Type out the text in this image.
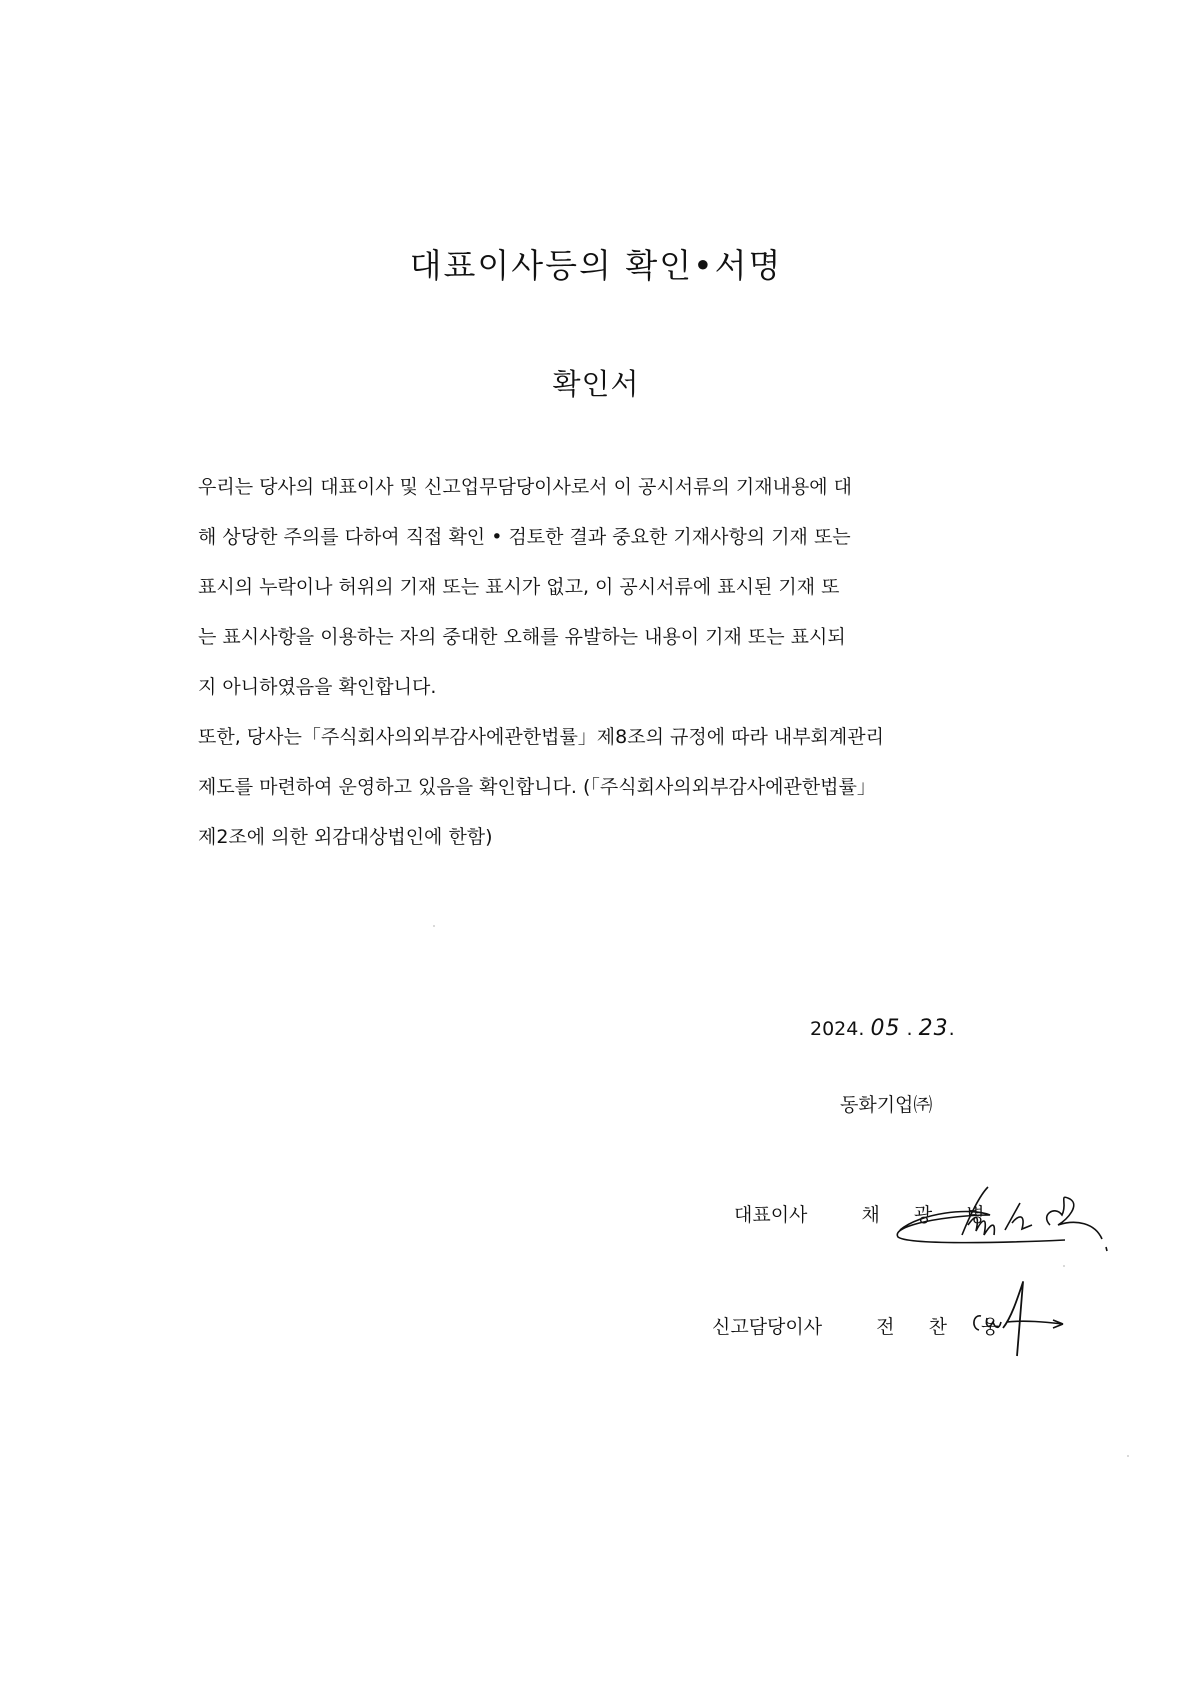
대표이사등의 확인•서명
확인서
우리는 당사의 대표이사 및 신고업무담당이사로서 이 공시서류의 기재내용에 대
해 상당한 주의를 다하여 직접 확인 • 검토한 결과 중요한 기재사항의 기재 또는
표시의 누락이나 허위의 기재 또는 표시가 없고, 이 공시서류에 표시된 기재 또
는 표시사항을 이용하는 자의 중대한 오해를 유발하는 내용이 기재 또는 표시되
지 아니하였음을 확인합니다.
또한, 당사는「주식회사의외부감사에관한법률」제8조의 규정에 따라 내부회계관리
제도를 마련하여 운영하고 있음을 확인합니다. (「주식회사의외부감사에관한법률」
제2조에 의한 외감대상법인에 한함)
2024. 05 . 23.
동화기업㈜
대표이사	채 광 병
신고담당이사	전 찬 웅
